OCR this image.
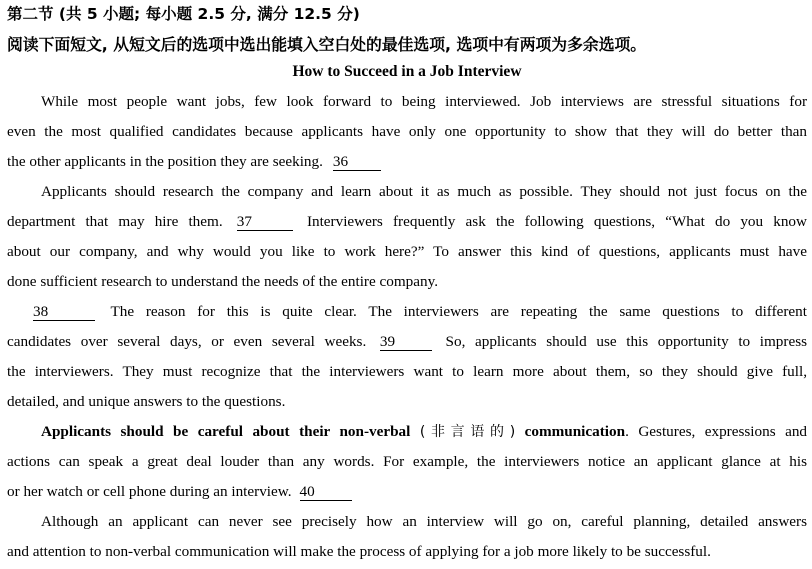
第二节 (共 5 小题; 每小题 2.5 分, 满分 12.5 分)
阅读下面短文, 从短文后的选项中选出能填入空白处的最佳选项, 选项中有两项为多余选项。
How to Succeed in a Job Interview
While most people want jobs, few look forward to being interviewed. Job interviews are stressful situations for
even the most qualified candidates because applicants have only one opportunity to show that they will do better than
the other applicants in the position they are seeking. 36
Applicants should research the company and learn about it as much as possible. They should not just focus on the
department that may hire them. 37	Interviewers frequently ask the following questions, “What do you know
about our company, and why would you like to work here?” To answer this kind of questions, applicants must have
done sufficient research to understand the needs of the entire company.
38	The reason for this is quite clear. The interviewers are repeating the same questions to different
candidates over several days, or even several weeks. 39	So, applicants should use this opportunity to impress
the interviewers. They must recognize that the interviewers want to learn more about them, so they should give full,
detailed, and unique answers to the questions.
Applicants should be careful about their non-verbal (非言语的) communication. Gestures, expressions and
actions can speak a great deal louder than any words. For example, the interviewers notice an applicant glance at his
or her watch or cell phone during an interview. 40
Although an applicant can never see precisely how an interview will go on, careful planning, detailed answers
and attention to non-verbal communication will make the process of applying for a job more likely to be successful.
